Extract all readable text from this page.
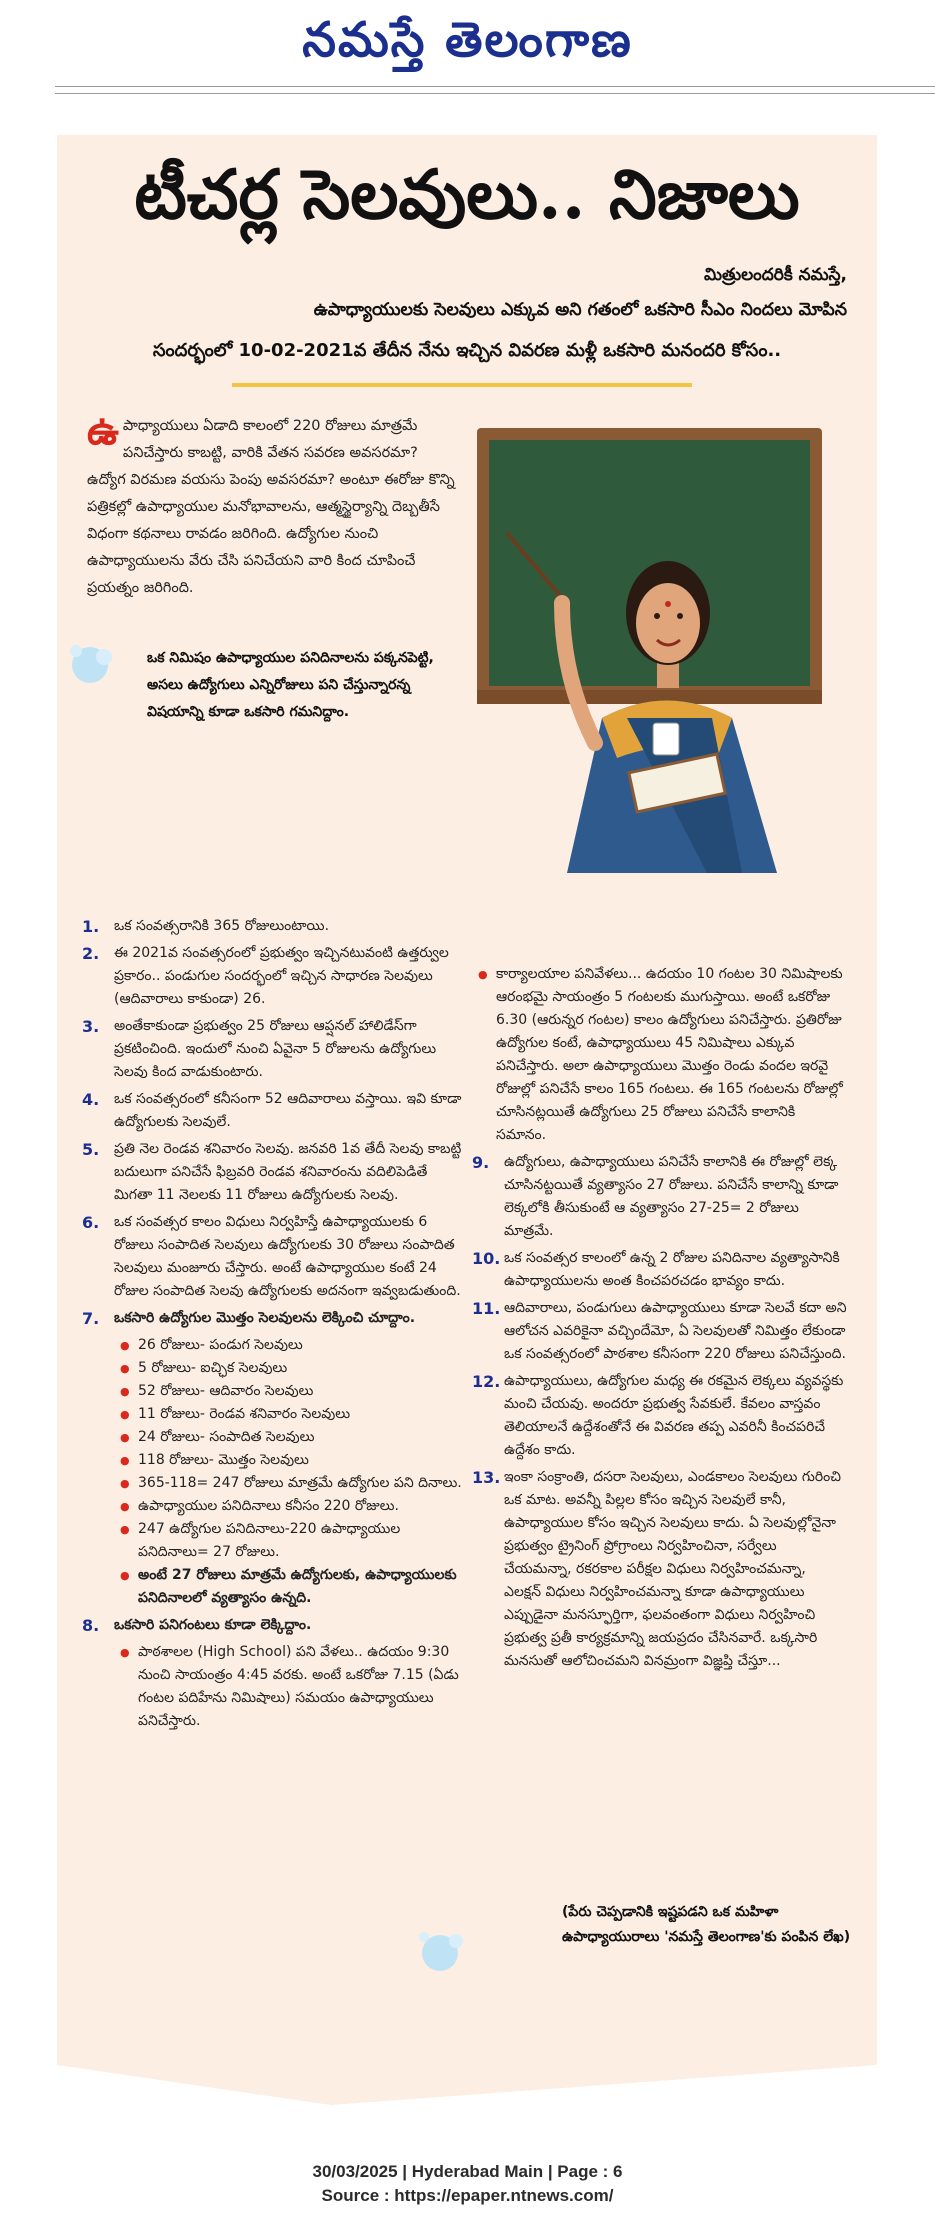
నమస్తే తెలంగాణ
టీచర్ల సెలవులు.. నిజాలు
మిత్రులందరికీ నమస్తే,
ఉపాధ్యాయులకు సెలవులు ఎక్కువ అని గతంలో ఒకసారి సీఎం నిందలు మోపిన
సందర్భంలో 10-02-2021వ తేదీన నేను ఇచ్చిన వివరణ మళ్లీ ఒకసారి మనందరి కోసం..
ఉపాధ్యాయులు ఏడాది కాలంలో 220 రోజులు మాత్రమే పనిచేస్తారు కాబట్టి, వారికి వేతన సవరణ అవసరమా? ఉద్యోగ విరమణ వయసు పెంపు అవసరమా? అంటూ ఈరోజు కొన్ని పత్రికల్లో ఉపాధ్యాయుల మనోభావాలను, ఆత్మస్థైర్యాన్ని దెబ్బతీసే విధంగా కథనాలు రావడం జరిగింది. ఉద్యోగుల నుంచి ఉపాధ్యాయులను వేరు చేసి పనిచేయని వారి కింద చూపించే ప్రయత్నం జరిగింది.
ఒక నిమిషం ఉపాధ్యాయుల పనిదినాలను పక్కనపెట్టి, అసలు ఉద్యోగులు ఎన్నిరోజులు పని చేస్తున్నారన్న విషయాన్ని కూడా ఒకసారి గమనిద్దాం.
1. ఒక సంవత్సరానికి 365 రోజులుంటాయి.
2. ఈ 2021వ సంవత్సరంలో ప్రభుత్వం ఇచ్చినటువంటి ఉత్తర్వుల ప్రకారం.. పండుగుల సందర్భంలో ఇచ్చిన సాధారణ సెలవులు (ఆదివారాలు కాకుండా) 26.
3. అంతేకాకుండా ప్రభుత్వం 25 రోజులు ఆప్షనల్ హాలిడేస్‌గా ప్రకటించింది. ఇందులో నుంచి ఏవైనా 5 రోజులను ఉద్యోగులు సెలవు కింద వాడుకుంటారు.
4. ఒక సంవత్సరంలో కనీసంగా 52 ఆదివారాలు వస్తాయి. ఇవి కూడా ఉద్యోగులకు సెలవులే.
5. ప్రతి నెల రెండవ శనివారం సెలవు. జనవరి 1వ తేదీ సెలవు కాబట్టి బదులుగా పనిచేసే ఫిబ్రవరి రెండవ శనివారంను వదిలిపెడితే మిగతా 11 నెలలకు 11 రోజులు ఉద్యోగులకు సెలవు.
6. ఒక సంవత్సర కాలం విధులు నిర్వహిస్తే ఉపాధ్యాయులకు 6 రోజులు సంపాదిత సెలవులు ఉద్యోగులకు 30 రోజులు సంపాదిత సెలవులు మంజూరు చేస్తారు. అంటే ఉపాధ్యాయుల కంటే 24 రోజుల సంపాదిత సెలవు ఉద్యోగులకు అదనంగా ఇవ్వబడుతుంది.
7. ఒకసారి ఉద్యోగుల మొత్తం సెలవులను లెక్కించి చూద్దాం.
● 26 రోజులు- పండుగ సెలవులు
● 5 రోజులు- ఐచ్ఛిక సెలవులు
● 52 రోజులు- ఆదివారం సెలవులు
● 11 రోజులు- రెండవ శనివారం సెలవులు
● 24 రోజులు- సంపాదిత సెలవులు
● 118 రోజులు- మొత్తం సెలవులు
● 365-118= 247 రోజులు మాత్రమే ఉద్యోగుల పని దినాలు.
● ఉపాధ్యాయుల పనిదినాలు కనీసం 220 రోజులు.
● 247 ఉద్యోగుల పనిదినాలు-220 ఉపాధ్యాయుల పనిదినాలు= 27 రోజులు.
● అంటే 27 రోజులు మాత్రమే ఉద్యోగులకు, ఉపాధ్యాయులకు పనిదినాలలో వ్యత్యాసం ఉన్నది.
8. ఒకసారి పనిగంటలు కూడా లెక్కిద్దాం.
● పాఠశాలల (High School) పని వేళలు.. ఉదయం 9:30 నుంచి సాయంత్రం 4:45 వరకు. అంటే ఒకరోజు 7.15 (ఏడు గంటల పదిహేను నిమిషాలు) సమయం ఉపాధ్యాయులు పనిచేస్తారు.
● కార్యాలయాల పనివేళలు... ఉదయం 10 గంటల 30 నిమిషాలకు ఆరంభమై సాయంత్రం 5 గంటలకు ముగుస్తాయి. అంటే ఒకరోజు 6.30 (ఆరున్నర గంటల) కాలం ఉద్యోగులు పనిచేస్తారు. ప్రతిరోజు ఉద్యోగుల కంటే, ఉపాధ్యాయులు 45 నిమిషాలు ఎక్కువ పనిచేస్తారు. అలా ఉపాధ్యాయులు మొత్తం రెండు వందల ఇరవై రోజుల్లో పనిచేసే కాలం 165 గంటలు. ఈ 165 గంటలను రోజుల్లో చూసినట్లయితే ఉద్యోగులు 25 రోజులు పనిచేసే కాలానికి సమానం.
9. ఉద్యోగులు, ఉపాధ్యాయులు పనిచేసే కాలానికి ఈ రోజుల్లో లెక్క చూసినట్టయితే వ్యత్యాసం 27 రోజులు. పనిచేసే కాలాన్ని కూడా లెక్కలోకి తీసుకుంటే ఆ వ్యత్యాసం 27-25= 2 రోజులు మాత్రమే.
10. ఒక సంవత్సర కాలంలో ఉన్న 2 రోజుల పనిదినాల వ్యత్యాసానికి ఉపాధ్యాయులను అంత కించపరచడం భావ్యం కాదు.
11. ఆదివారాలు, పండుగులు ఉపాధ్యాయులు కూడా సెలవే కదా అని ఆలోచన ఎవరికైనా వచ్చిందేమో, ఏ సెలవులతో నిమిత్తం లేకుండా ఒక సంవత్సరంలో పాఠశాల కనీసంగా 220 రోజులు పనిచేస్తుంది.
12. ఉపాధ్యాయులు, ఉద్యోగుల మధ్య ఈ రకమైన లెక్కలు వ్యవస్థకు మంచి చేయవు. అందరూ ప్రభుత్వ సేవకులే. కేవలం వాస్తవం తెలియాలనే ఉద్దేశంతోనే ఈ వివరణ తప్ప ఎవరినీ కించపరిచే ఉద్దేశం కాదు.
13. ఇంకా సంక్రాంతి, దసరా సెలవులు, ఎండకాలం సెలవులు గురించి ఒక మాట. అవన్నీ పిల్లల కోసం ఇచ్చిన సెలవులే కానీ, ఉపాధ్యాయుల కోసం ఇచ్చిన సెలవులు కాదు. ఏ సెలవుల్లోనైనా ప్రభుత్వం ట్రైనింగ్ ప్రోగ్రాంలు నిర్వహించినా, సర్వేలు చేయమన్నా, రకరకాల పరీక్షల విధులు నిర్వహించమన్నా, ఎలక్షన్ విధులు నిర్వహించమన్నా కూడా ఉపాధ్యాయులు ఎప్పుడైనా మనస్ఫూర్తిగా, ఫలవంతంగా విధులు నిర్వహించి ప్రభుత్వ ప్రతీ కార్యక్రమాన్ని జయప్రదం చేసినవారే. ఒక్కసారి మనసుతో ఆలోచించమని వినమ్రంగా విజ్ఞప్తి చేస్తూ...
(పేరు చెప్పడానికి ఇష్టపడని ఒక మహిళా ఉపాధ్యాయురాలు 'నమస్తే తెలంగాణ'కు పంపిన లేఖ)
30/03/2025 | Hyderabad Main | Page : 6
Source : https://epaper.ntnews.com/
